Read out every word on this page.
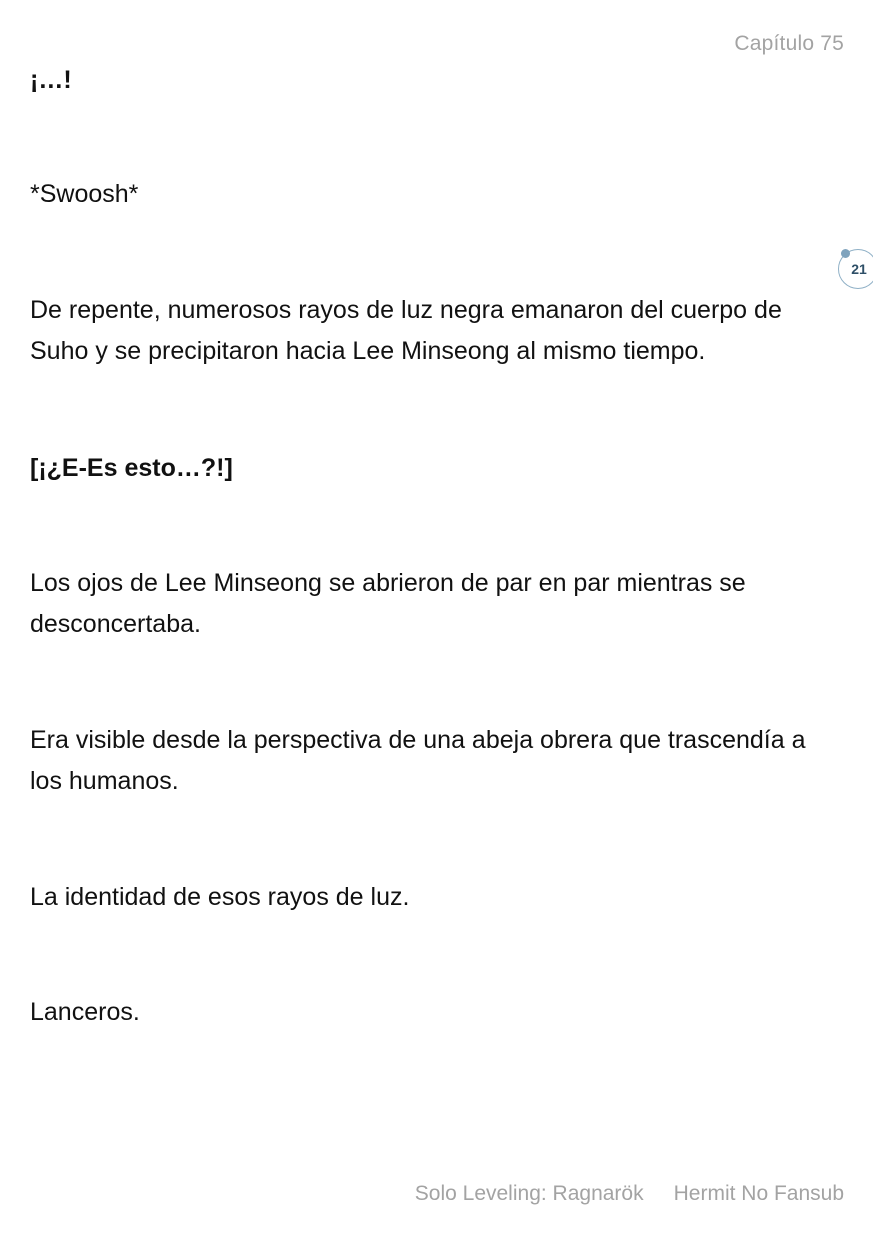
Capítulo 75
21

¡…!

*Swoosh*

De repente, numerosos rayos de luz negra emanaron del cuerpo de Suho y se precipitaron hacia Lee Minseong al mismo tiempo.

[¡¿E-Es esto…?!]

Los ojos de Lee Minseong se abrieron de par en par mientras se desconcertaba.

Era visible desde la perspectiva de una abeja obrera que trascendía a los humanos.

La identidad de esos rayos de luz.

Lanceros.

Solo Leveling: Ragnarök Hermit No Fansub
